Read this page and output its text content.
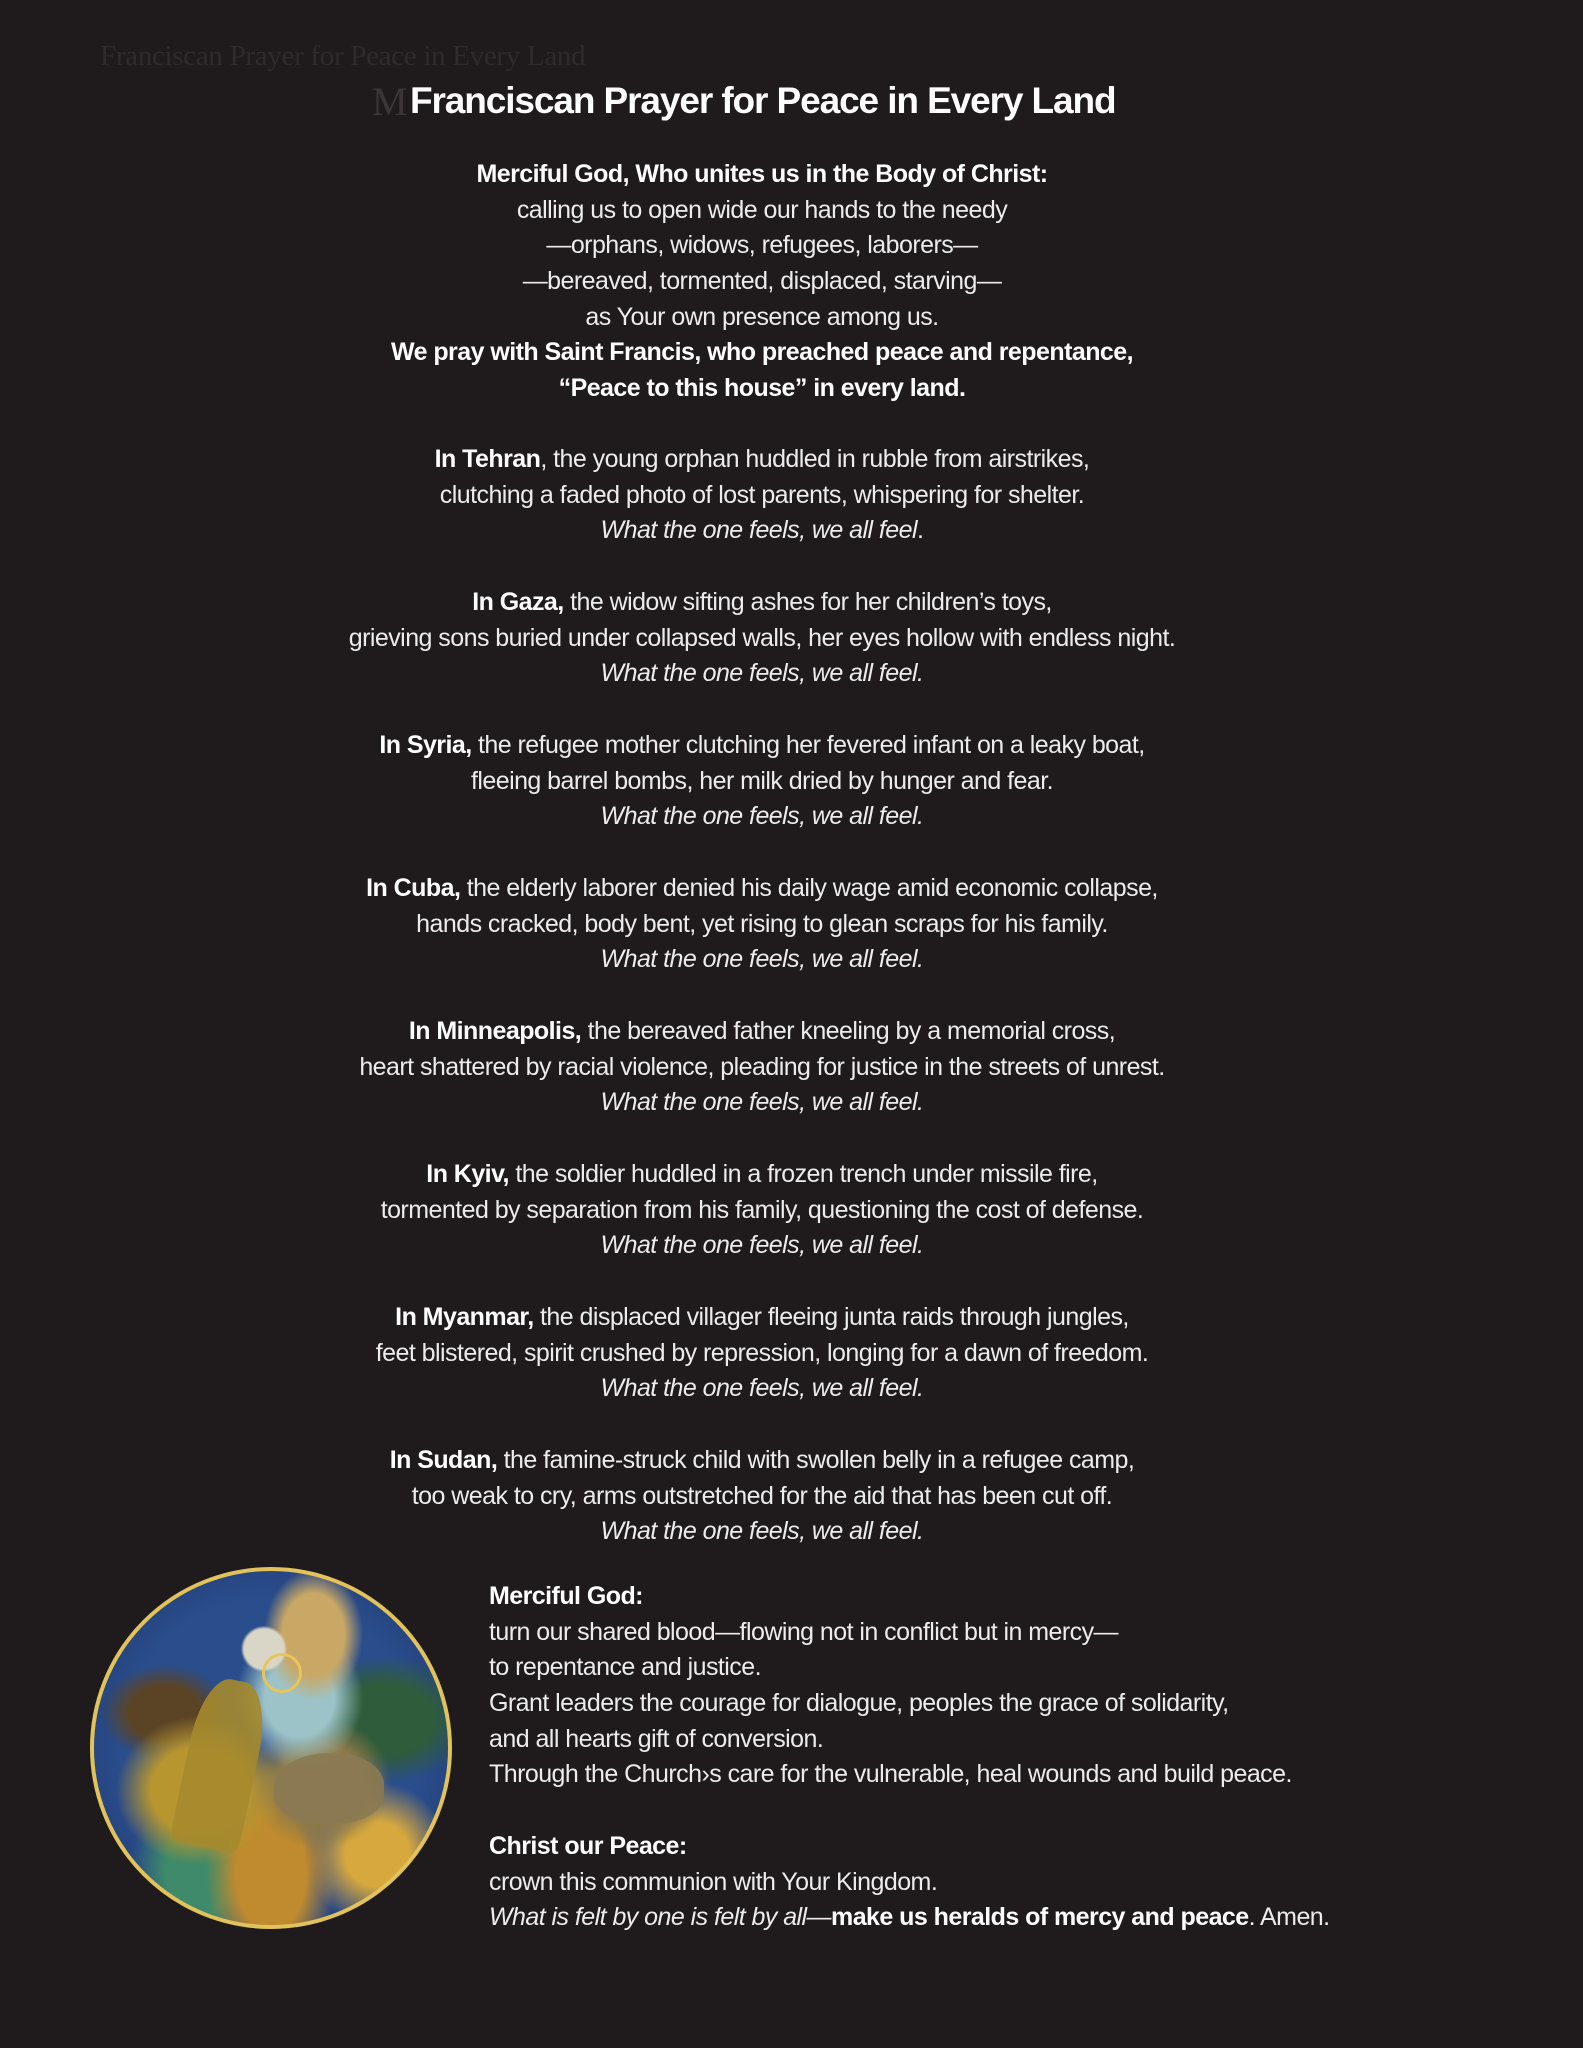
Franciscan Prayer for Peace in Every Land
M Franciscan Prayer for Peace in Every Land
Merciful God, Who unites us in the Body of Christ:
calling us to open wide our hands to the needy
—orphans, widows, refugees, laborers—
—bereaved, tormented, displaced, starving—
as Your own presence among us.
We pray with Saint Francis, who preached peace and repentance,
“Peace to this house” in every land.
In Tehran, the young orphan huddled in rubble from airstrikes,
clutching a faded photo of lost parents, whispering for shelter.
What the one feels, we all feel.
In Gaza, the widow sifting ashes for her children’s toys,
grieving sons buried under collapsed walls, her eyes hollow with endless night.
What the one feels, we all feel.
In Syria, the refugee mother clutching her fevered infant on a leaky boat,
fleeing barrel bombs, her milk dried by hunger and fear.
What the one feels, we all feel.
In Cuba, the elderly laborer denied his daily wage amid economic collapse,
hands cracked, body bent, yet rising to glean scraps for his family.
What the one feels, we all feel.
In Minneapolis, the bereaved father kneeling by a memorial cross,
heart shattered by racial violence, pleading for justice in the streets of unrest.
What the one feels, we all feel.
In Kyiv, the soldier huddled in a frozen trench under missile fire,
tormented by separation from his family, questioning the cost of defense.
What the one feels, we all feel.
In Myanmar, the displaced villager fleeing junta raids through jungles,
feet blistered, spirit crushed by repression, longing for a dawn of freedom.
What the one feels, we all feel.
In Sudan, the famine-struck child with swollen belly in a refugee camp,
too weak to cry, arms outstretched for the aid that has been cut off.
What the one feels, we all feel.
Merciful God:
turn our shared blood—flowing not in conflict but in mercy—
to repentance and justice.
Grant leaders the courage for dialogue, peoples the grace of solidarity,
and all hearts gift of conversion.
Through the Church›s care for the vulnerable, heal wounds and build peace.
Christ our Peace:
crown this communion with Your Kingdom.
What is felt by one is felt by all—make us heralds of mercy and peace. Amen.
